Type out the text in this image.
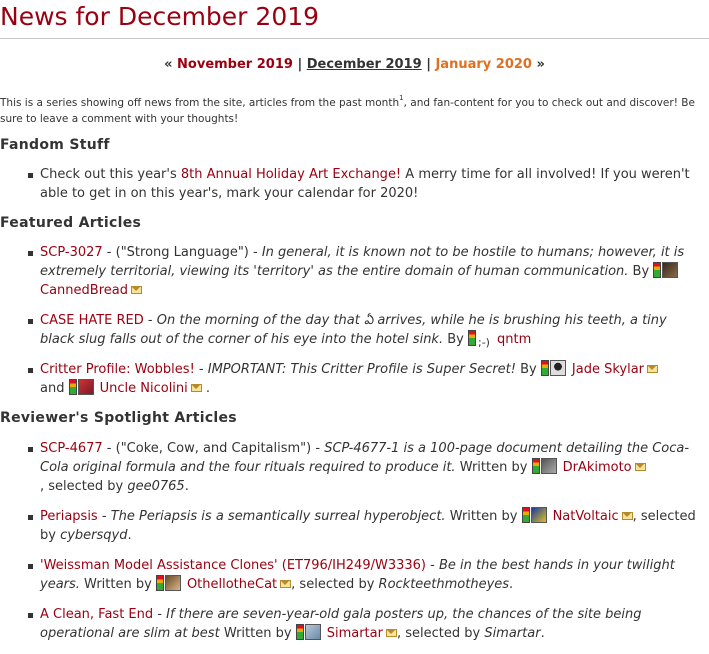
News for December 2019
« November 2019 | December 2019 | January 2020 »
This is a series showing off news from the site, articles from the past month$^1$, and fan-content for you to check out and discover! Be sure to leave a comment with your thoughts!
Fandom Stuff
Check out this year's 8th Annual Holiday Art Exchange! A merry time for all involved! If you weren't able to get in on this year's, mark your calendar for 2020!
Featured Articles
SCP-3027 - ("Strong Language") - In general, it is known not to be hostile to humans; however, it is extremely territorial, viewing its 'territory' as the entire domain of human communication. By CannedBread
CASE HATE RED - On the morning of the day that ఏ arrives, while he is brushing his teeth, a tiny black slug falls out of the corner of his eye into the hotel sink. By ;-) qntm
Critter Profile: Wobbles! - IMPORTANT: This Critter Profile is Super Secret! By Jade Skylar
and	Uncle Nicolini .
Reviewer's Spotlight Articles
SCP-4677 - ("Coke, Cow, and Capitalism") - SCP-4677-1 is a 100-page document detailing the Coca-Cola original formula and the four rituals required to produce it. Written by DrAkimoto
, selected by gee0765.
Periapsis - The Periapsis is a semantically surreal hyperobject. Written by NatVoltaic , selected by cybersqyd.
'Weissman Model Assistance Clones' (ET796/IH249/W3336) - Be in the best hands in your twilight years. Written by OthellotheCat , selected by Rockteethmotheyes.
A Clean, Fast End - If there are seven-year-old gala posters up, the chances of the site being operational are slim at best Written by Simartar , selected by Simartar.
